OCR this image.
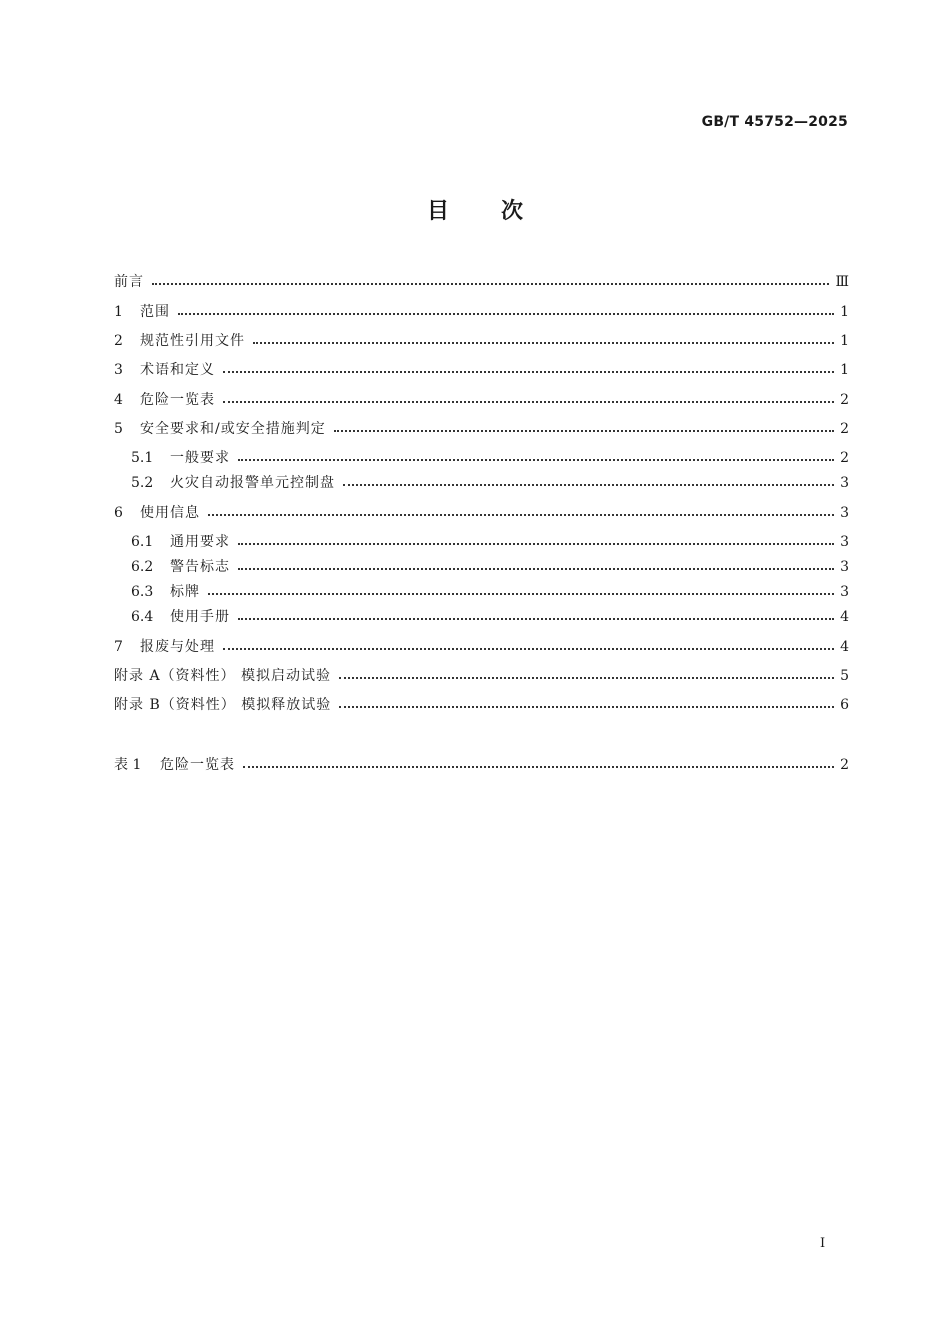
GB/T 45752—2025
目次
前言	Ⅲ
1	范围	1
2	规范性引用文件	1
3	术语和定义	1
4	危险一览表	2
5	安全要求和/或安全措施判定	2
5.1	一般要求	2
5.2	火灾自动报警单元控制盘	3
6	使用信息	3
6.1	通用要求	3
6.2	警告标志	3
6.3	标牌	3
6.4	使用手册	4
7	报废与处理	4
附录 A（资料性） 模拟启动试验	5
附录 B（资料性） 模拟释放试验	6
表 1	危险一览表	2
I
